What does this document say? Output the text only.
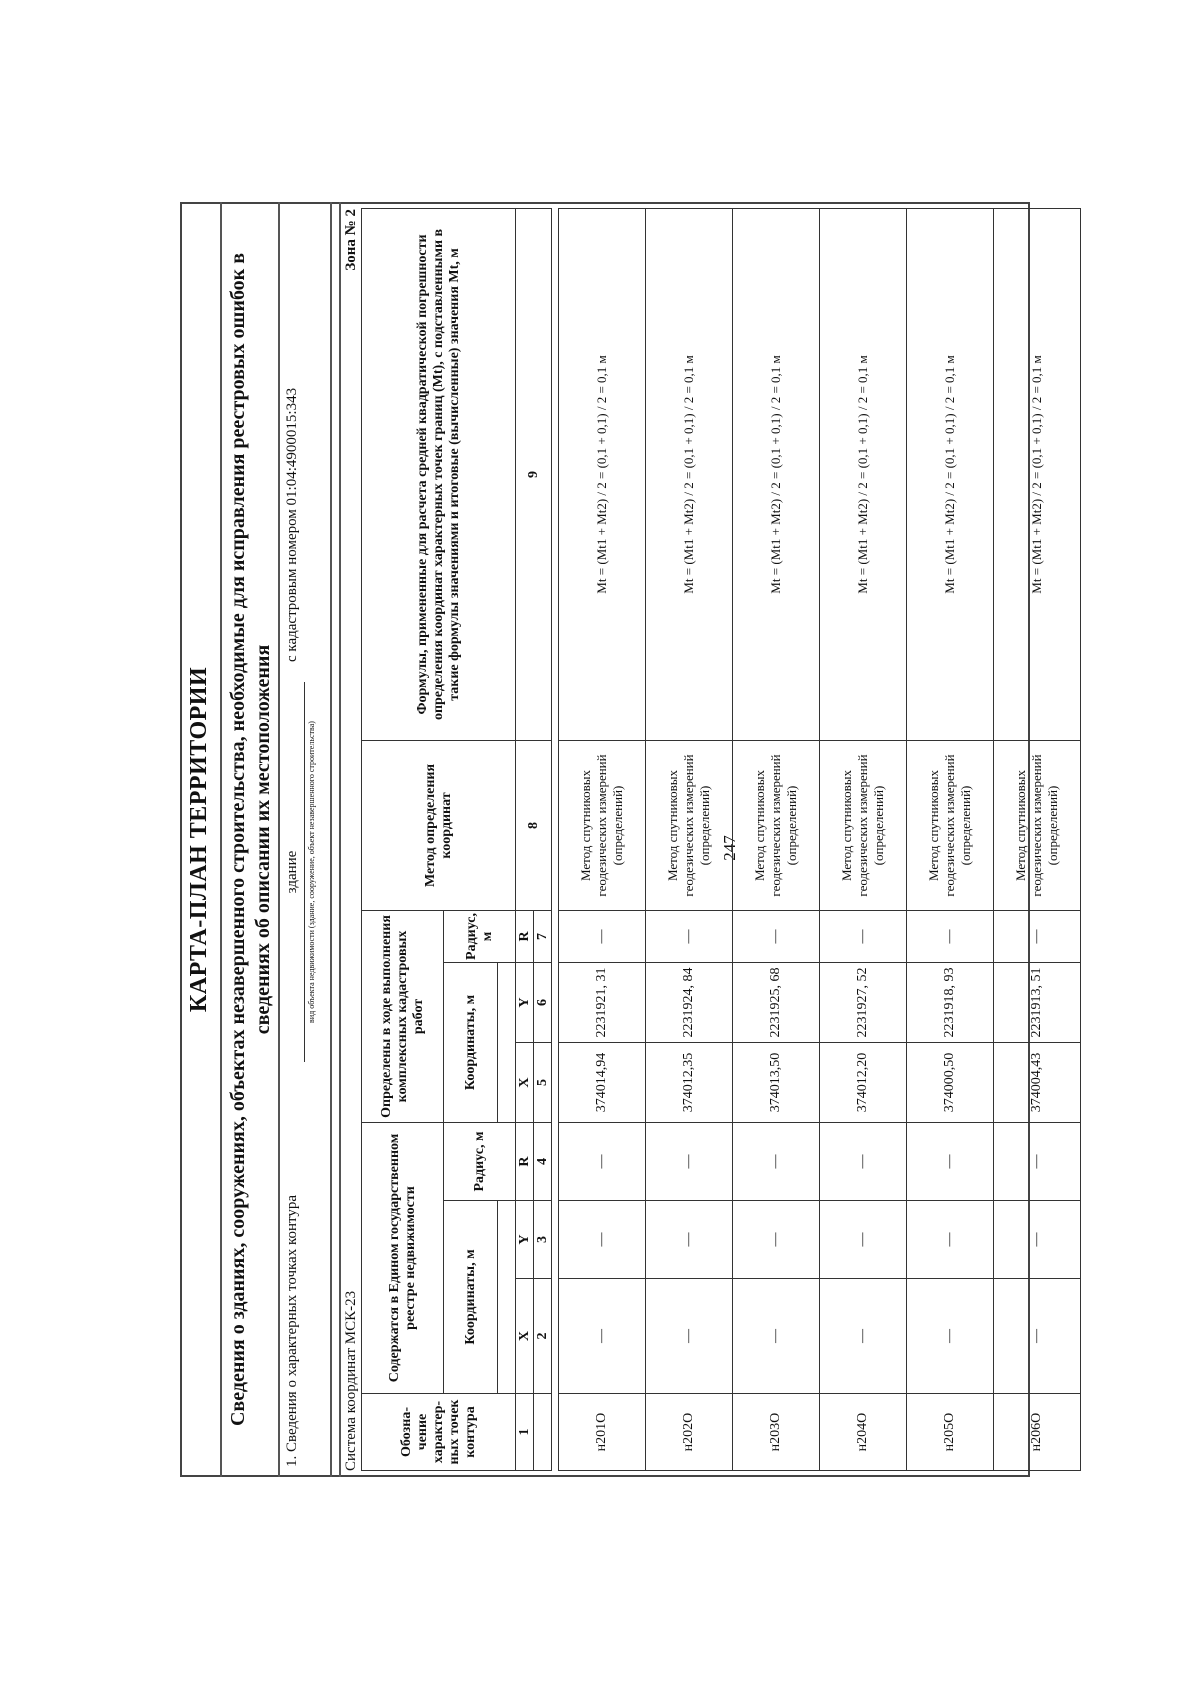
247
КАРТА-ПЛАН ТЕРРИТОРИИ Сведения о зданиях, сооружениях, объектах незавершенного строительства, необходимые для исправления реестровых ошибок в сведениях об описании их местоположения
1. Сведения о характерных точках контура
здание вид объекта недвижимости (здание, сооружение, объект незавершенного строительства)
с кадастровым номером 01:04:4900015:343
Система координат МСК-23
Зона № 2
Обозна-чение характер-ных точек контура	Содержатся в Едином государственном реестре недвижимости			Определены в ходе выполнения комплексных кадастровых работ			Метод определения координат	Формулы, примененные для расчета средней квадратической погрешности определения координат характерных точек границ (Mt), с подставленными в такие формулы значениями и итоговые (вычисленные) значения Mt, м
	Координаты, м		Радиус, м	Координаты, м		Радиус, м		

1	X	Y	R	X	Y	R	8	9
	2	3	4	5	6	7		

н201О	—	—	—	374014,94	2231921, 31	—	Метод спутниковых геодезических измерений (определений)	Mt = (Mt1 + Mt2) / 2 = (0,1 + 0,1) / 2 = 0,1 м
н202О	—	—	—	374012,35	2231924, 84	—	Метод спутниковых геодезических измерений (определений)	Mt = (Mt1 + Mt2) / 2 = (0,1 + 0,1) / 2 = 0,1 м
н203О	—	—	—	374013,50	2231925, 68	—	Метод спутниковых геодезических измерений (определений)	Mt = (Mt1 + Mt2) / 2 = (0,1 + 0,1) / 2 = 0,1 м
н204О	—	—	—	374012,20	2231927, 52	—	Метод спутниковых геодезических измерений (определений)	Mt = (Mt1 + Mt2) / 2 = (0,1 + 0,1) / 2 = 0,1 м
н205О	—	—	—	374000,50	2231918, 93	—	Метод спутниковых геодезических измерений (определений)	Mt = (Mt1 + Mt2) / 2 = (0,1 + 0,1) / 2 = 0,1 м
н206О	—	—	—	374004,43	2231913, 51	—	Метод спутниковых геодезических измерений (определений)	Mt = (Mt1 + Mt2) / 2 = (0,1 + 0,1) / 2 = 0,1 м
